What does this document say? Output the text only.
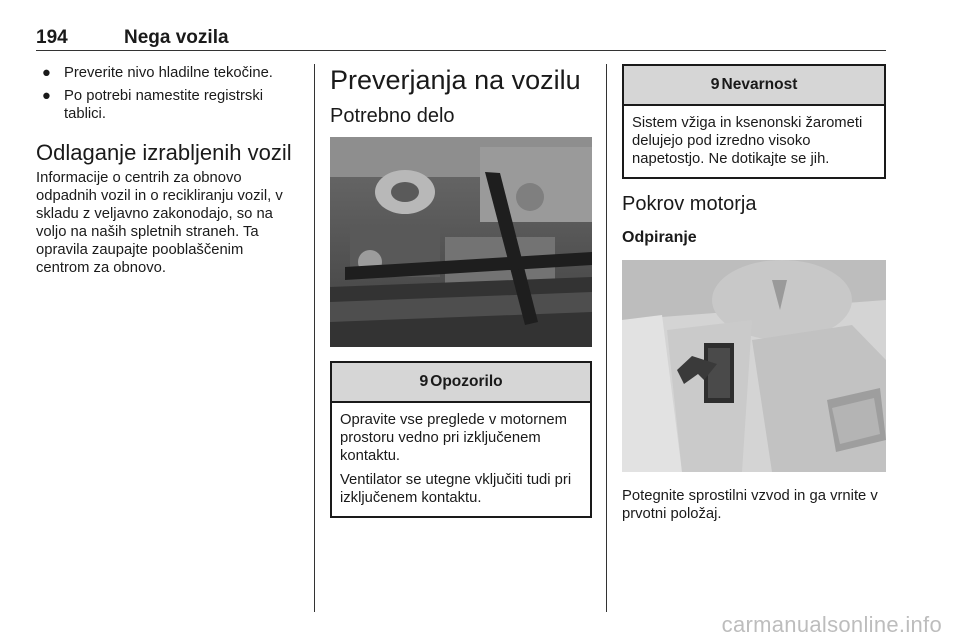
194	Nega vozila
● Preverite nivo hladilne tekočine.
● Po potrebi namestite registrski tablici.
Odlaganje izrabljenih vozil

Informacije o centrih za obnovo odpadnih vozil in o recikliranju vozil, v skladu z veljavno zakonodajo, so na voljo na naših spletnih straneh. Ta opravila zaupajte pooblaščenim centrom za obnovo.

Preverjanja na vozilu
Potrebno delo
9 Opozorilo

Opravite vse preglede v motornem prostoru vedno pri izključenem kontaktu.

Ventilator se utegne vključiti tudi pri izključenem kontaktu.

9 Nevarnost

Sistem vžiga in ksenonski žarometi delujejo pod izredno visoko napetostjo. Ne dotikajte se jih.

Pokrov motorja
Odpiranje

Potegnite sprostilni vzvod in ga vrnite v prvotni položaj.

carmanualsonline.info
